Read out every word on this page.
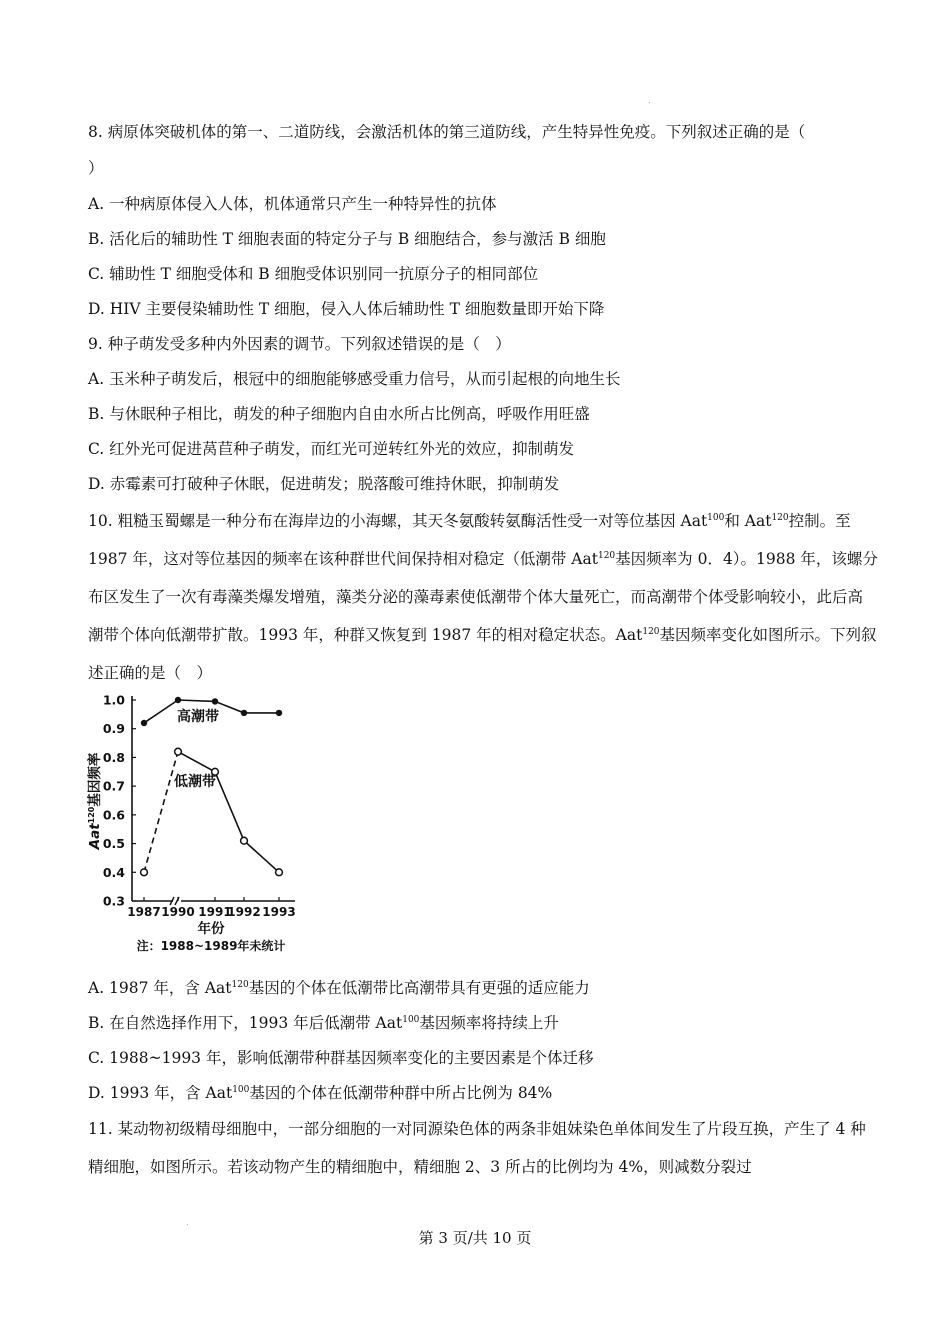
.
8. 病原体突破机体的第一、二道防线，会激活机体的第三道防线，产生特异性免疫。下列叙述正确的是（
）
A. 一种病原体侵入人体，机体通常只产生一种特异性的抗体
B. 活化后的辅助性 T 细胞表面的特定分子与 B 细胞结合，参与激活 B 细胞
C. 辅助性 T 细胞受体和 B 细胞受体识别同一抗原分子的相同部位
D. HIV 主要侵染辅助性 T 细胞，侵入人体后辅助性 T 细胞数量即开始下降
9. 种子萌发受多种内外因素的调节。下列叙述错误的是（　）
A. 玉米种子萌发后，根冠中的细胞能够感受重力信号，从而引起根的向地生长
B. 与休眠种子相比，萌发的种子细胞内自由水所占比例高，呼吸作用旺盛
C. 红外光可促进莴苣种子萌发，而红光可逆转红外光的效应，抑制萌发
D. 赤霉素可打破种子休眠，促进萌发；脱落酸可维持休眠，抑制萌发
10. 粗糙玉蜀螺是一种分布在海岸边的小海螺，其天冬氨酸转氨酶活性受一对等位基因 Aat$^{100}$和 Aat$^{120}$控制。至 1987 年，这对等位基因的频率在该种群世代间保持相对稳定（低潮带 Aat$^{120}$基因频率为 0．4）。1988 年，该螺分布区发生了一次有毒藻类爆发增殖，藻类分泌的藻毒素使低潮带个体大量死亡，而高潮带个体受影响较小，此后高潮带个体向低潮带扩散。1993 年，种群又恢复到 1987 年的相对稳定状态。Aat$^{120}$基因频率变化如图所示。下列叙述正确的是（　）
1.0
0.9
0.8
0.7
0.6
0.5
0.4
0.3
1987 1990 1991
1992 1993
高潮带
低潮带
Aat$^{120}$基因频率
年份
注：1988~1989年未统计
A. 1987 年，含 Aat$^{120}$基因的个体在低潮带比高潮带具有更强的适应能力
B. 在自然选择作用下，1993 年后低潮带 Aat$^{100}$基因频率将持续上升
C. 1988~1993 年，影响低潮带种群基因频率变化的主要因素是个体迁移
D. 1993 年，含 Aat$^{100}$基因的个体在低潮带种群中所占比例为 84%
11. 某动物初级精母细胞中，一部分细胞的一对同源染色体的两条非姐妹染色单体间发生了片段互换，产生了 4 种精细胞，如图所示。若该动物产生的精细胞中，精细胞 2、3 所占的比例均为 4%，则减数分裂过
.
第 3 页/共 10 页
